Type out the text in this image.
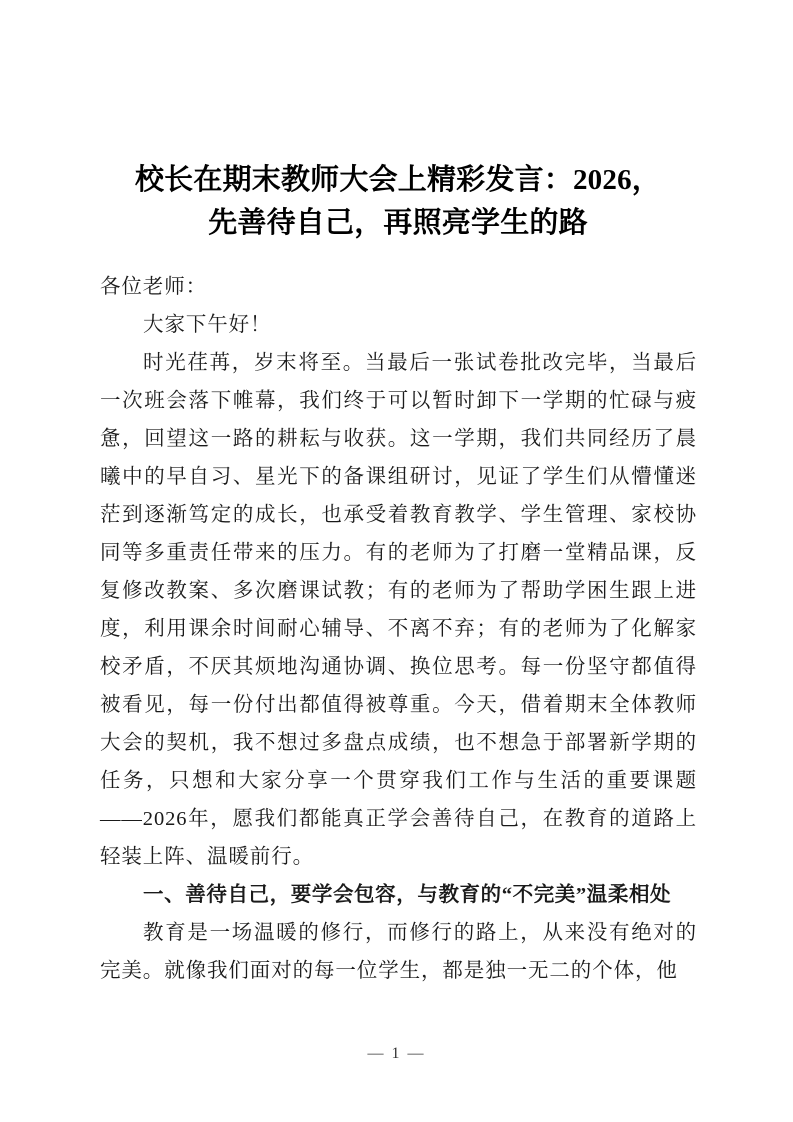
校长在期末教师大会上精彩发言：2026，
先善待自己，再照亮学生的路

各位老师：

大家下午好！

时光荏苒，岁末将至。当最后一张试卷批改完毕，当最后一次班会落下帷幕，我们终于可以暂时卸下一学期的忙碌与疲惫，回望这一路的耕耘与收获。这一学期，我们共同经历了晨曦中的早自习、星光下的备课组研讨，见证了学生们从懵懂迷茫到逐渐笃定的成长，也承受着教育教学、学生管理、家校协同等多重责任带来的压力。有的老师为了打磨一堂精品课，反复修改教案、多次磨课试教；有的老师为了帮助学困生跟上进度，利用课余时间耐心辅导、不离不弃；有的老师为了化解家校矛盾，不厌其烦地沟通协调、换位思考。每一份坚守都值得被看见，每一份付出都值得被尊重。今天，借着期末全体教师大会的契机，我不想过多盘点成绩，也不想急于部署新学期的任务，只想和大家分享一个贯穿我们工作与生活的重要课题——2026年，愿我们都能真正学会善待自己，在教育的道路上轻装上阵、温暖前行。

一、善待自己，要学会包容，与教育的“不完美”温柔相处

教育是一场温暖的修行，而修行的路上，从来没有绝对的完美。就像我们面对的每一位学生，都是独一无二的个体，他

— 1 —
